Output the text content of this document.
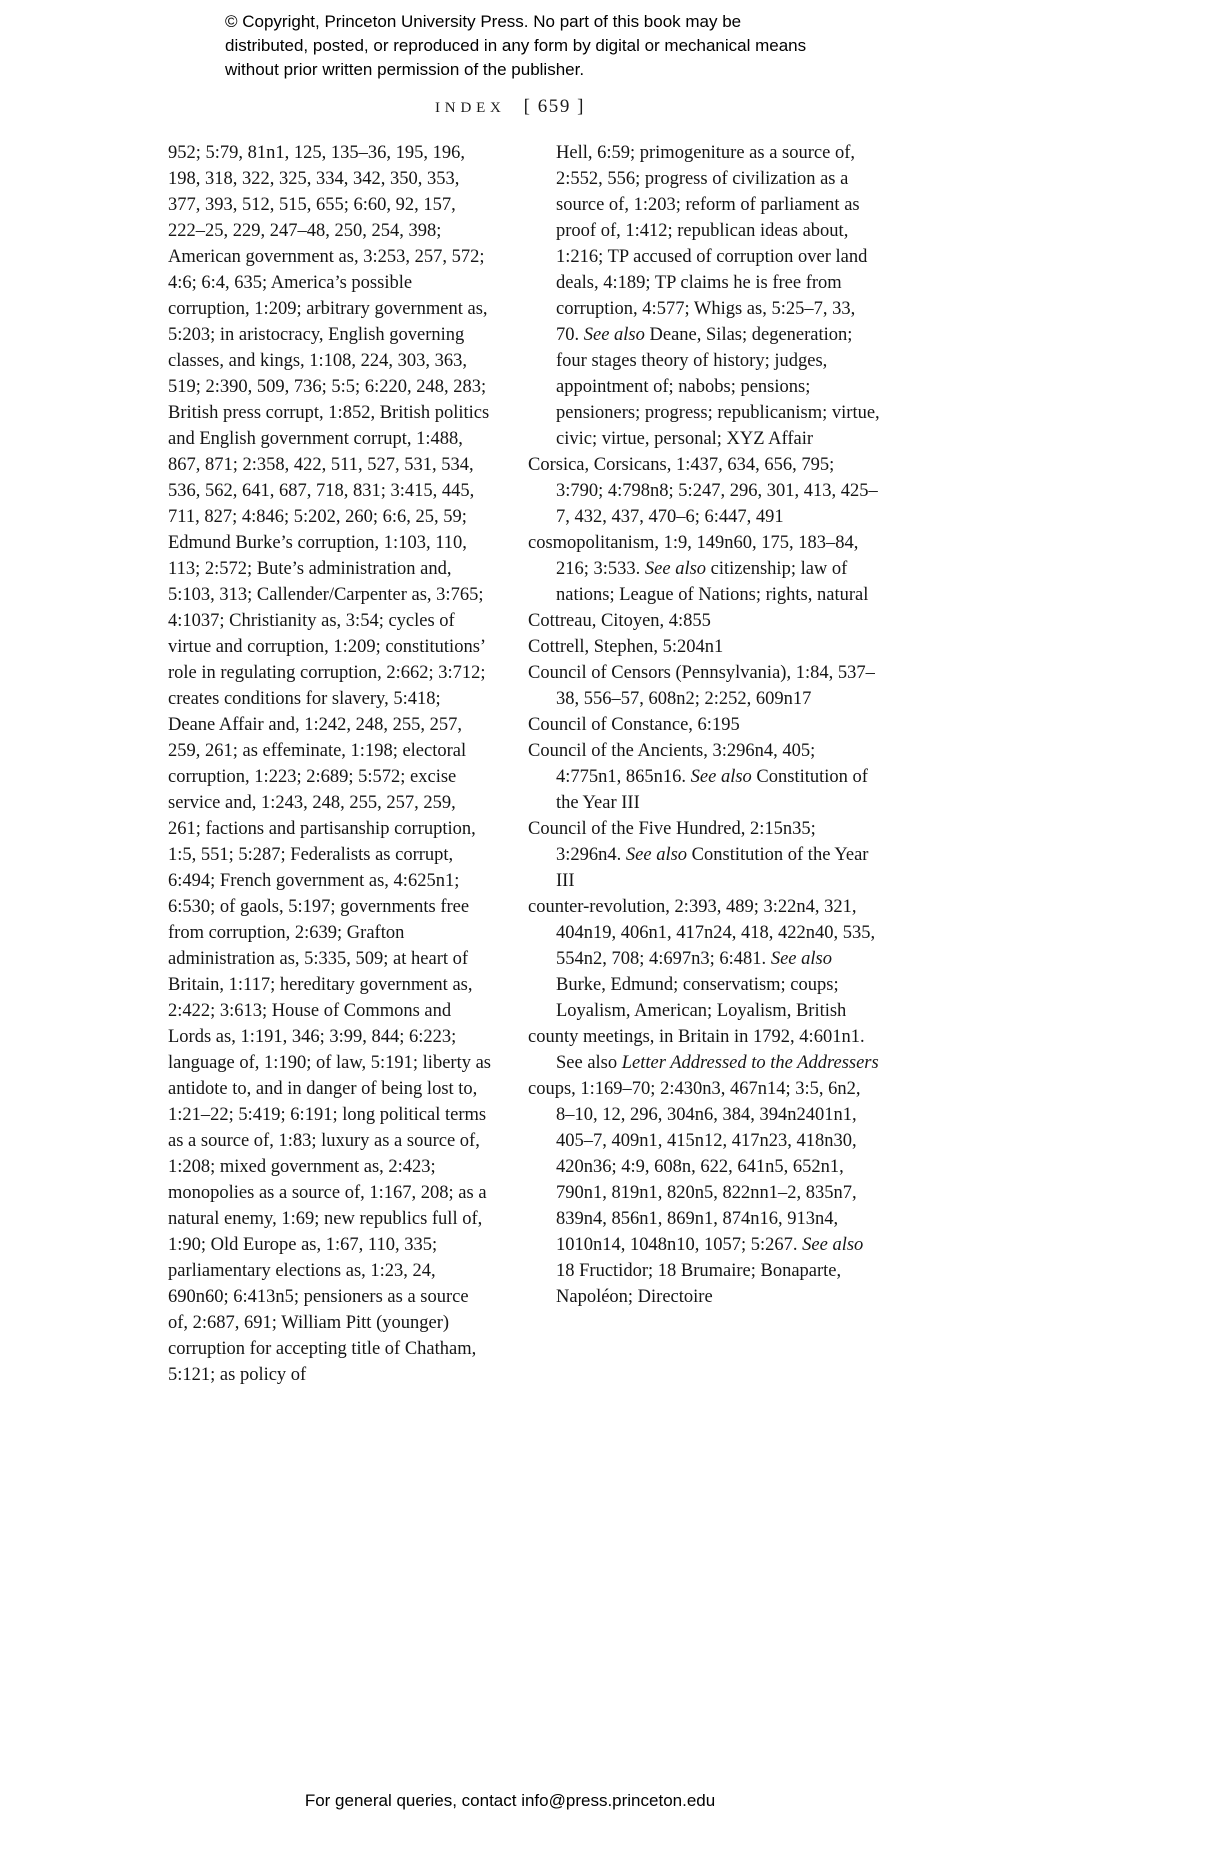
© Copyright, Princeton University Press. No part of this book may be distributed, posted, or reproduced in any form by digital or mechanical means without prior written permission of the publisher.

INDEX [ 659 ]

952; 5:79, 81n1, 125, 135–36, 195, 196, 198, 318, 322, 325, 334, 342, 350, 353, 377, 393, 512, 515, 655; 6:60, 92, 157, 222–25, 229, 247–48, 250, 254, 398; American government as, 3:253, 257, 572; 4:6; 6:4, 635; America’s possible corruption, 1:209; arbitrary government as, 5:203; in aristocracy, English governing classes, and kings, 1:108, 224, 303, 363, 519; 2:390, 509, 736; 5:5; 6:220, 248, 283; British press corrupt, 1:852, British politics and English government corrupt, 1:488, 867, 871; 2:358, 422, 511, 527, 531, 534, 536, 562, 641, 687, 718, 831; 3:415, 445, 711, 827; 4:846; 5:202, 260; 6:6, 25, 59; Edmund Burke’s corruption, 1:103, 110, 113; 2:572; Bute’s administration and, 5:103, 313; Callender/Carpenter as, 3:765; 4:1037; Christianity as, 3:54; cycles of virtue and corruption, 1:209; constitutions’ role in regulating corruption, 2:662; 3:712; creates conditions for slavery, 5:418; Deane Affair and, 1:242, 248, 255, 257, 259, 261; as effeminate, 1:198; electoral corruption, 1:223; 2:689; 5:572; excise service and, 1:243, 248, 255, 257, 259, 261; factions and partisanship corruption, 1:5, 551; 5:287; Federalists as corrupt, 6:494; French government as, 4:625n1; 6:530; of gaols, 5:197; governments free from corruption, 2:639; Grafton administration as, 5:335, 509; at heart of Britain, 1:117; hereditary government as, 2:422; 3:613; House of Commons and Lords as, 1:191, 346; 3:99, 844; 6:223; language of, 1:190; of law, 5:191; liberty as antidote to, and in danger of being lost to, 1:21–22; 5:419; 6:191; long political terms as a source of, 1:83; luxury as a source of, 1:208; mixed government as, 2:423; monopolies as a source of, 1:167, 208; as a natural enemy, 1:69; new republics full of, 1:90; Old Europe as, 1:67, 110, 335; parliamentary elections as, 1:23, 24, 690n60; 6:413n5; pensioners as a source of, 2:687, 691; William Pitt (younger) corruption for accepting title of Chatham, 5:121; as policy of

Hell, 6:59; primogeniture as a source of, 2:552, 556; progress of civilization as a source of, 1:203; reform of parliament as proof of, 1:412; republican ideas about, 1:216; TP accused of corruption over land deals, 4:189; TP claims he is free from corruption, 4:577; Whigs as, 5:25–7, 33, 70. See also Deane, Silas; degeneration; four stages theory of history; judges, appointment of; nabobs; pensions; pensioners; progress; republicanism; virtue, civic; virtue, personal; XYZ Affair

Corsica, Corsicans, 1:437, 634, 656, 795; 3:790; 4:798n8; 5:247, 296, 301, 413, 425–7, 432, 437, 470–6; 6:447, 491

cosmopolitanism, 1:9, 149n60, 175, 183–84, 216; 3:533. See also citizenship; law of nations; League of Nations; rights, natural

Cottreau, Citoyen, 4:855

Cottrell, Stephen, 5:204n1

Council of Censors (Pennsylvania), 1:84, 537–38, 556–57, 608n2; 2:252, 609n17

Council of Constance, 6:195

Council of the Ancients, 3:296n4, 405; 4:775n1, 865n16. See also Constitution of the Year III

Council of the Five Hundred, 2:15n35; 3:296n4. See also Constitution of the Year III

counter-revolution, 2:393, 489; 3:22n4, 321, 404n19, 406n1, 417n24, 418, 422n40, 535, 554n2, 708; 4:697n3; 6:481. See also Burke, Edmund; conservatism; coups; Loyalism, American; Loyalism, British

county meetings, in Britain in 1792, 4:601n1. See also Letter Addressed to the Addressers

coups, 1:169–70; 2:430n3, 467n14; 3:5, 6n2, 8–10, 12, 296, 304n6, 384, 394n2401n1, 405–7, 409n1, 415n12, 417n23, 418n30, 420n36; 4:9, 608n, 622, 641n5, 652n1, 790n1, 819n1, 820n5, 822nn1–2, 835n7, 839n4, 856n1, 869n1, 874n16, 913n4, 1010n14, 1048n10, 1057; 5:267. See also 18 Fructidor; 18 Brumaire; Bonaparte, Napoléon; Directoire

For general queries, contact info@press.princeton.edu
